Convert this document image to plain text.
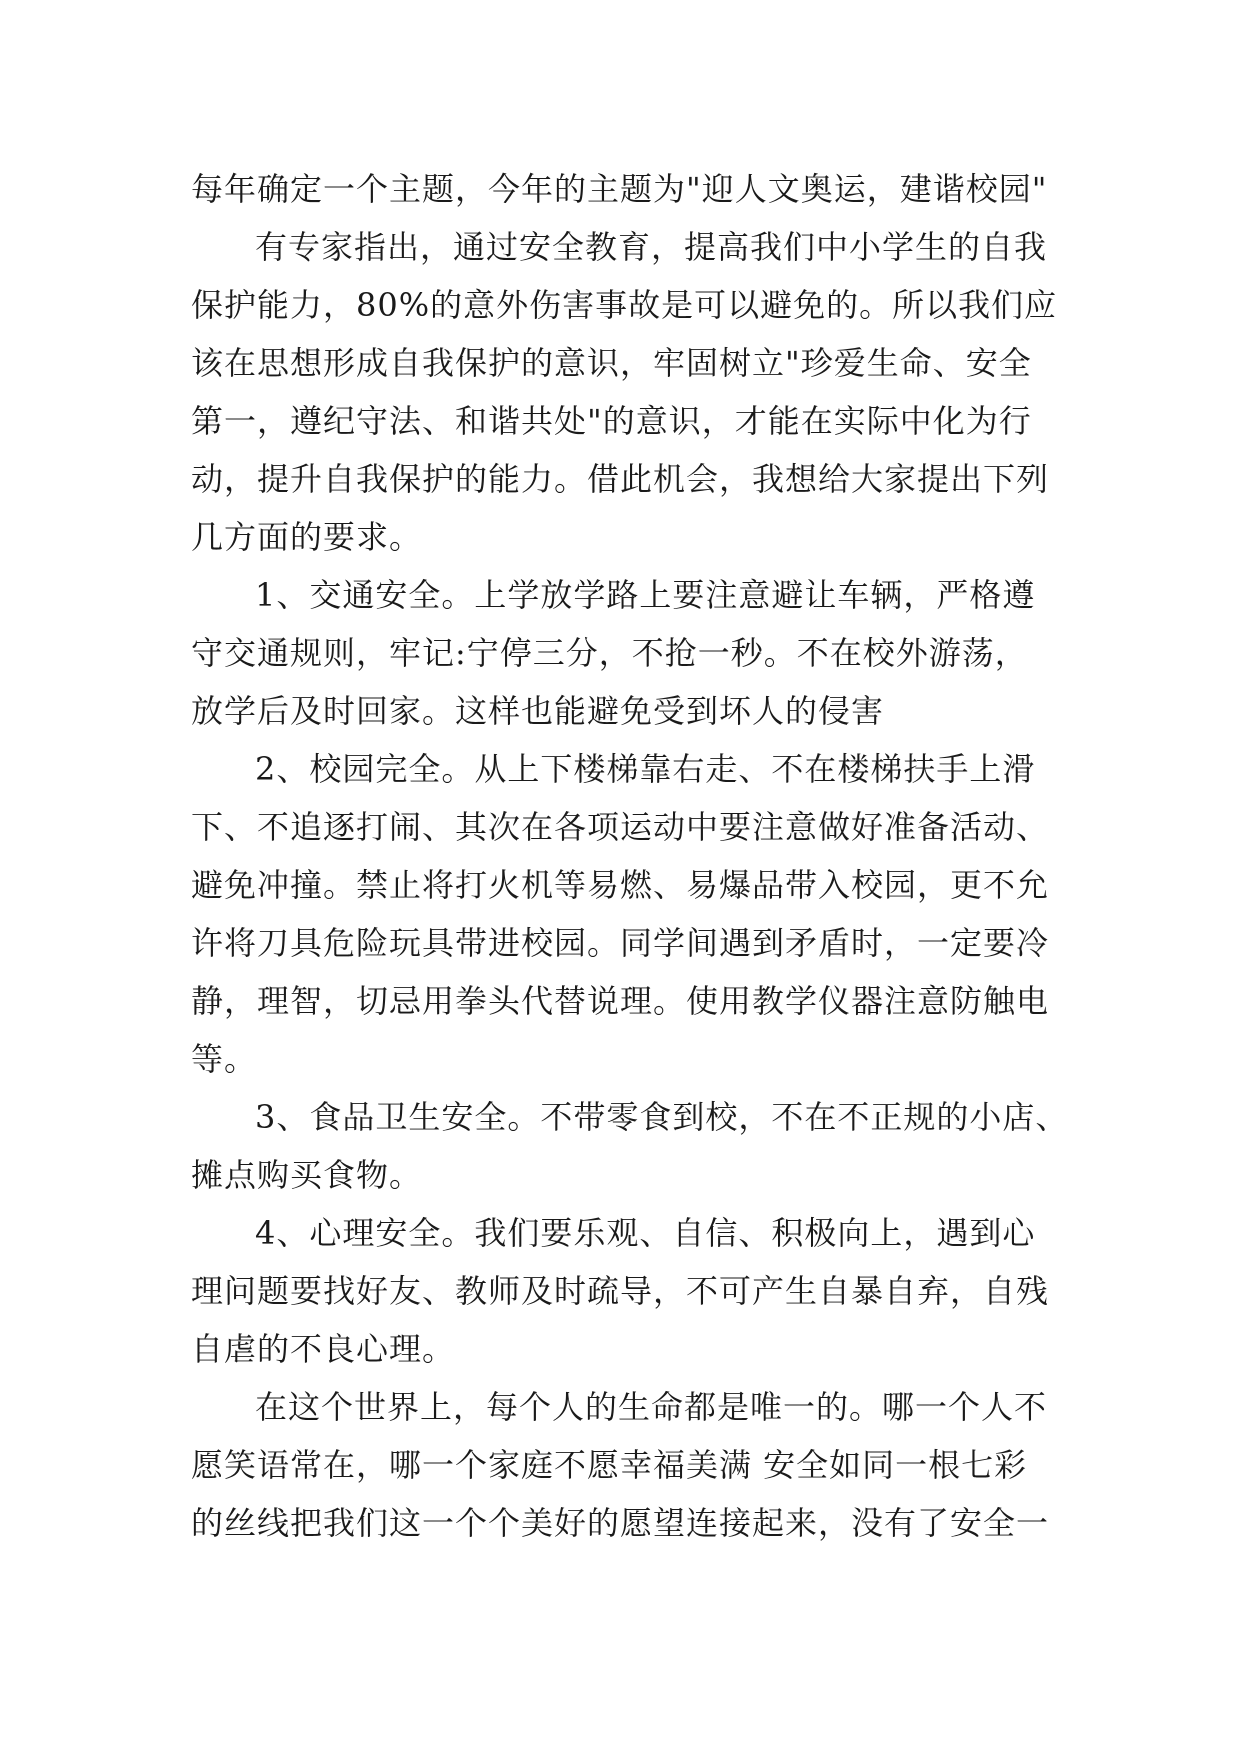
每年确定一个主题，今年的主题为"迎人文奥运，建谐校园"
有专家指出，通过安全教育，提高我们中小学生的自我
保护能力，80%的意外伤害事故是可以避免的。所以我们应
该在思想形成自我保护的意识，牢固树立"珍爱生命、安全
第一，遵纪守法、和谐共处"的意识，才能在实际中化为行
动，提升自我保护的能力。借此机会，我想给大家提出下列
几方面的要求。
1、交通安全。上学放学路上要注意避让车辆，严格遵
守交通规则，牢记:宁停三分，不抢一秒。不在校外游荡，
放学后及时回家。这样也能避免受到坏人的侵害
2、校园完全。从上下楼梯靠右走、不在楼梯扶手上滑
下、不追逐打闹、其次在各项运动中要注意做好准备活动、
避免冲撞。禁止将打火机等易燃、易爆品带入校园，更不允
许将刀具危险玩具带进校园。同学间遇到矛盾时，一定要冷
静，理智，切忌用拳头代替说理。使用教学仪器注意防触电
等。
3、食品卫生安全。不带零食到校，不在不正规的小店、
摊点购买食物。
4、心理安全。我们要乐观、自信、积极向上，遇到心
理问题要找好友、教师及时疏导，不可产生自暴自弃，自残
自虐的不良心理。
在这个世界上，每个人的生命都是唯一的。哪一个人不
愿笑语常在，哪一个家庭不愿幸福美满 安全如同一根七彩
的丝线把我们这一个个美好的愿望连接起来，没有了安全一
